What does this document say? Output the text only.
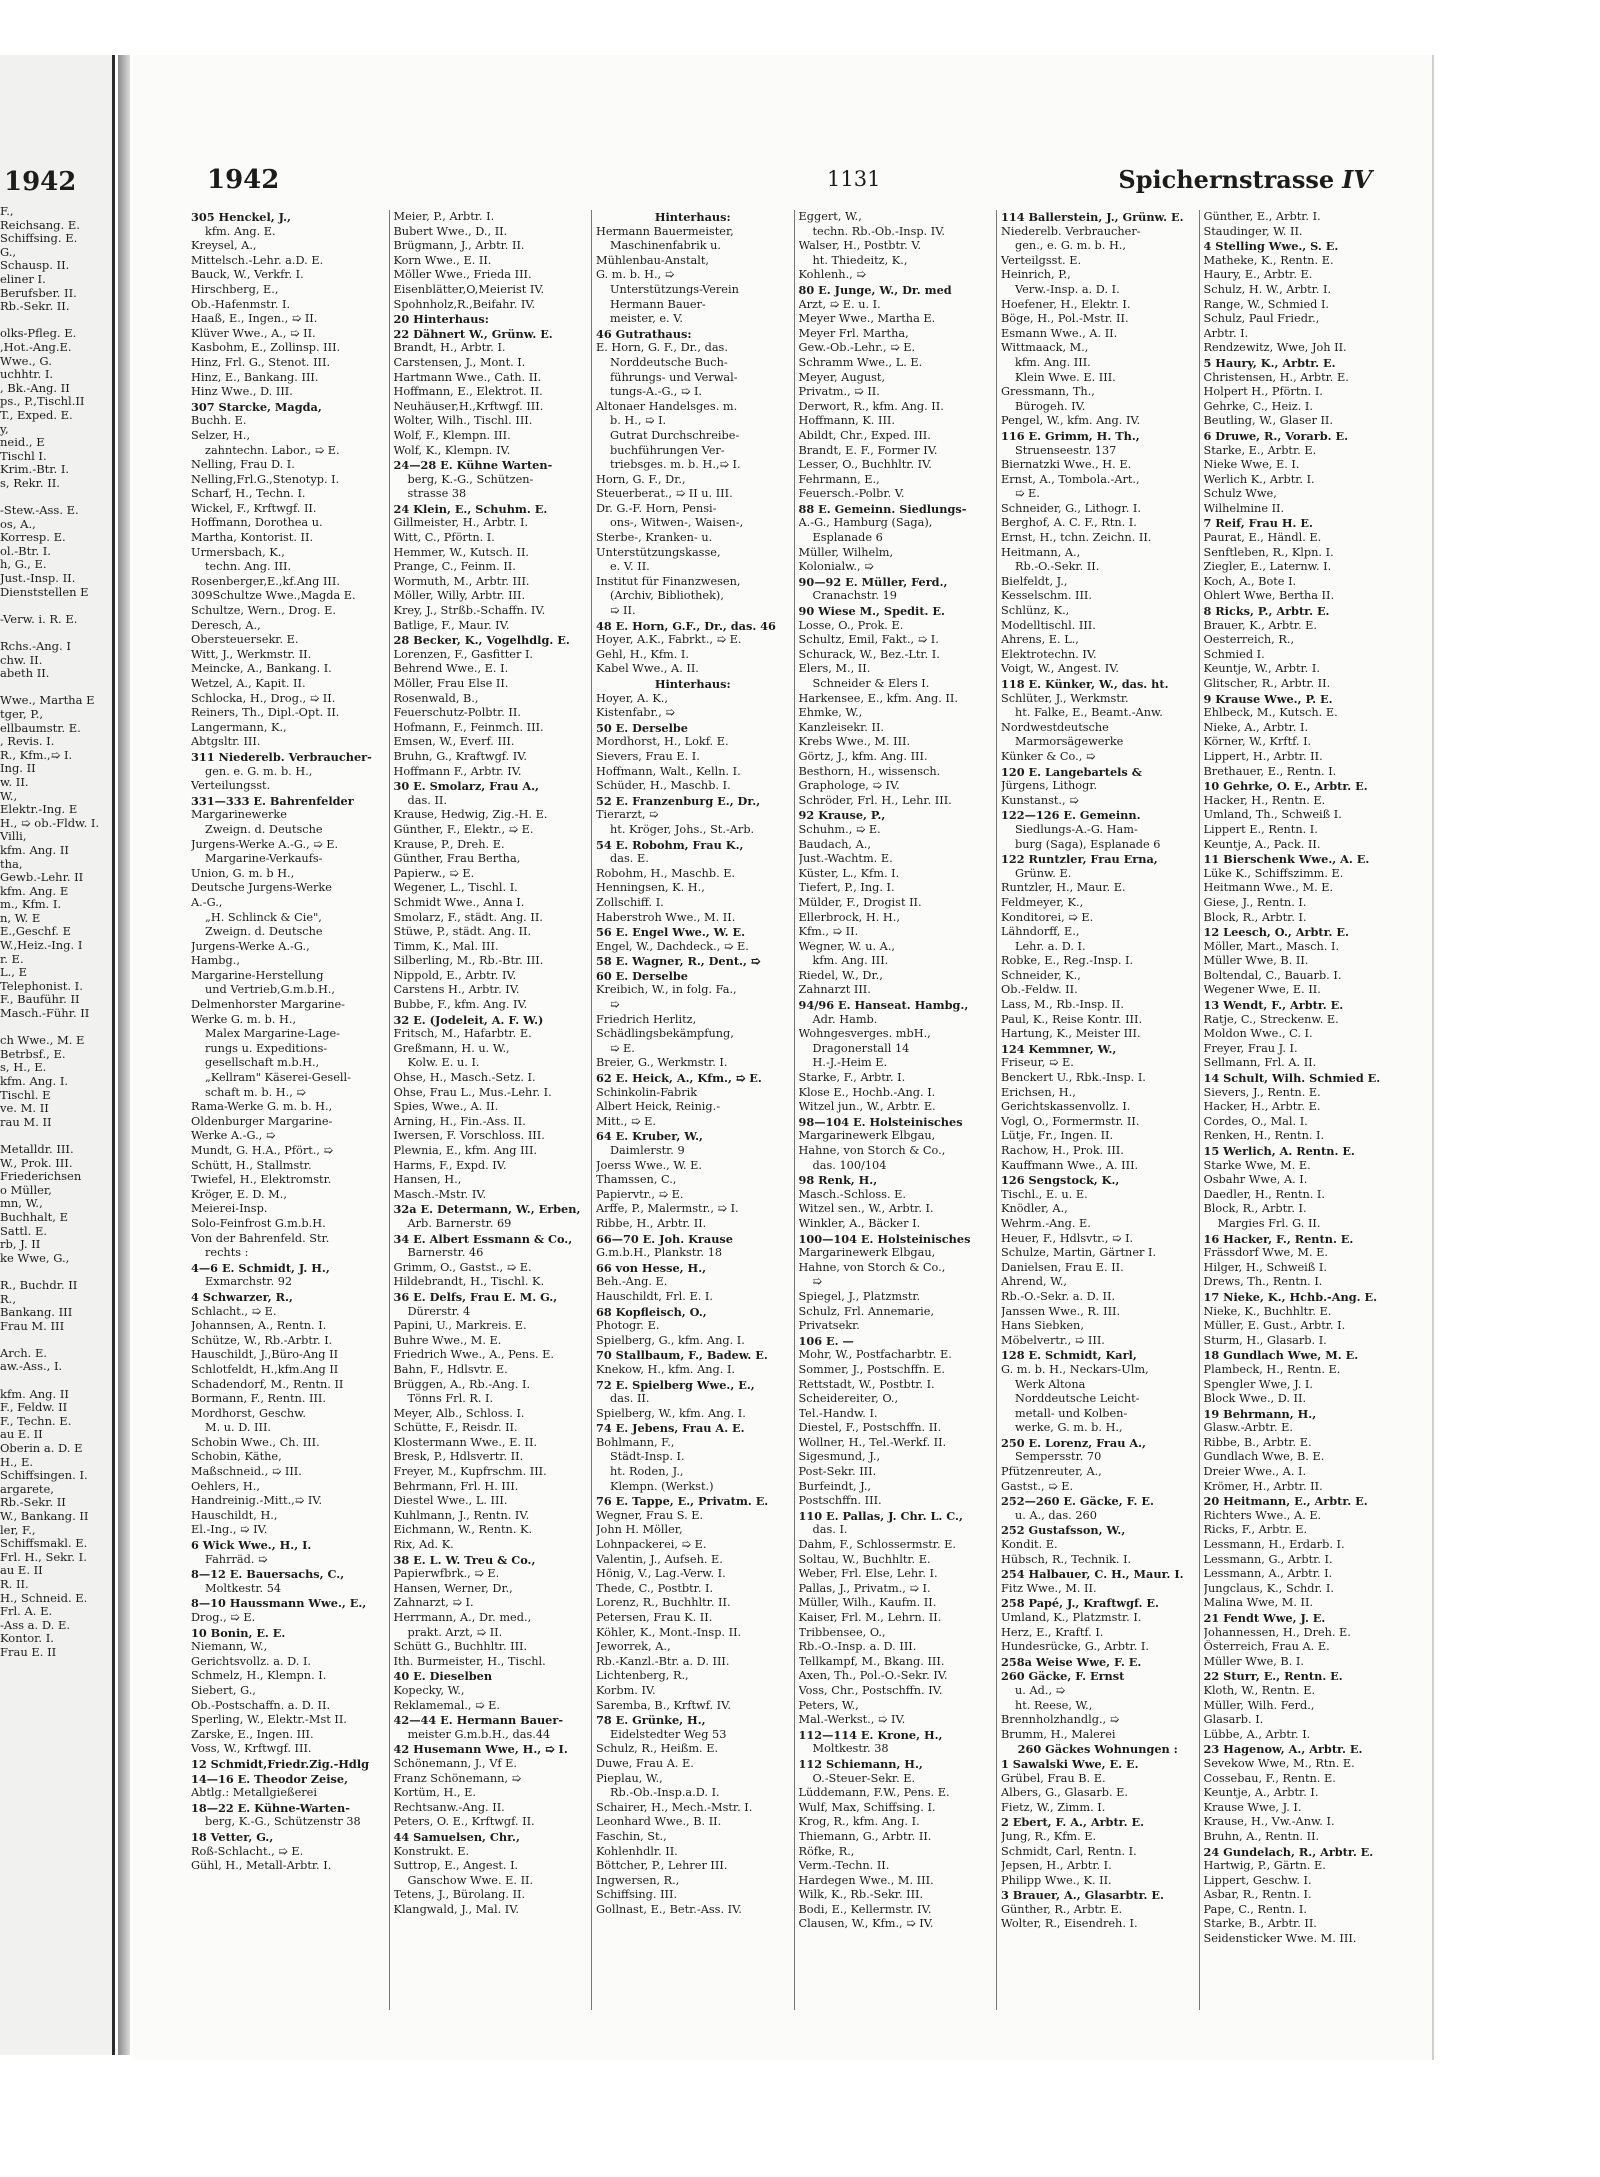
1942
F.,
Reichsang. E.
Schiffsing. E.
G.,
Schausp. II.
eliner I.
Berufsber. II.
Rb.-Sekr. II.

olks-Pfleg. E.
,Hot.-Ang.E.
Wwe., G.
uchhtr. I.
, Bk.-Ang. II
ps., P.,Tischl.II
T., Exped. E.
y,
neid., E
Tischl I.
Krim.-Btr. I.
s, Rekr. II.

-Stew.-Ass. E.
os, A.,
Korresp. E.
ol.-Btr. I.
h, G., E.
Just.-Insp. II.
Dienststellen E

-Verw. i. R. E.

Rchs.-Ang. I
chw. II.
abeth II.

Wwe., Martha E
tger, P.,
ellbaumstr. E.
, Revis. I.
R., Kfm.,➯ I.
Ing. II
w. II.
W.,
Elektr.-Ing. E
H., ➯ ob.-Fldw. I.
Villi,
kfm. Ang. II
tha,
Gewb.-Lehr. II
kfm. Ang. E
m., Kfm. I.
n, W. E
E.,Geschf. E
W.,Heiz.-Ing. I
r. E.
L., E
Telephonist. I.
F., Bauführ. II
Masch.-Führ. II

ch Wwe., M. E
Betrbsf., E.
s, H., E.
kfm. Ang. I.
Tischl. E
ve. M. II
rau M. II

Metalldr. III.
W., Prok. III.
Friederichsen
o Müller,
mn, W.,
Buchhalt, E
Sattl. E.
rb, J. II
ke Wwe, G.,

R., Buchdr. II
R.,
Bankang. III
Frau M. III

Arch. E.
aw.-Ass., I.

kfm. Ang. II
F., Feldw. II
F., Techn. E.
au E. II
Oberin a. D. E
H., E.
Schiffsingen. I.
argarete,
Rb.-Sekr. II
W., Bankang. II
ler, F.,
Schiffsmakl. E.
Frl. H., Sekr. I.
au E. II
R. II.
H., Schneid. E.
Frl. A. E.
-Ass a. D. E.
Kontor. I.
Frau E. II
1942	1131	Spichernstrasse IV
305 Henckel, J.,
kfm. Ang. E.
Kreysel, A.,
Mittelsch.-Lehr. a.D. E.
Bauck, W., Verkfr. I.
Hirschberg, E.,
Ob.-Hafenmstr. I.
Haaß, E., Ingen., ➯ II.
Klüver Wwe., A., ➯ II.
Kasbohm, E., Zollinsp. III.
Hinz, Frl. G., Stenot. III.
Hinz, E., Bankang. III.
Hinz Wwe., D. III.
307 Starcke, Magda,
Buchh. E.
Selzer, H.,
zahntechn. Labor., ➯ E.
Nelling, Frau D. I.
Nelling,Frl.G.,Stenotyp. I.
Scharf, H., Techn. I.
Wickel, F., Krftwgf. II.
Hoffmann, Dorothea u.
Martha, Kontorist. II.
Urmersbach, K.,
techn. Ang. III.
Rosenberger,E.,kf.Ang III.
309Schultze Wwe.,Magda E.
Schultze, Wern., Drog. E.
Deresch, A.,
Obersteuersekr. E.
Witt, J., Werkmstr. II.
Meincke, A., Bankang. I.
Wetzel, A., Kapit. II.
Schlocka, H., Drog., ➯ II.
Reiners, Th., Dipl.-Opt. II.
Langermann, K.,
Abtgsltr. III.
311 Niederelb. Verbraucher-
gen. e. G. m. b. H.,
Verteilungsst.
331—333 E. Bahrenfelder
Margarinewerke
Zweign. d. Deutsche
Jurgens-Werke A.-G., ➯ E.
Margarine-Verkaufs-
Union, G. m. b H.,
Deutsche Jurgens-Werke
A.-G.,
„H. Schlinck & Cie",
Zweign. d. Deutsche
Jurgens-Werke A.-G.,
Hambg.,
Margarine-Herstellung
und Vertrieb,G.m.b.H.,
Delmenhorster Margarine-
Werke G. m. b. H.,
Malex Margarine-Lage-
rungs u. Expeditions-
gesellschaft m.b.H.,
„Kellram" Käserei-Gesell-
schaft m. b. H., ➯
Rama-Werke G. m. b. H.,
Oldenburger Margarine-
Werke A.-G., ➯
Mundt, G. H.A., Pfört., ➯
Schütt, H., Stallmstr.
Twiefel, H., Elektromstr.
Kröger, E. D. M.,
Meierei-Insp.
Solo-Feinfrost G.m.b.H.
Von der Bahrenfeld. Str.
rechts :
4—6 E. Schmidt, J. H.,
Exmarchstr. 92
4 Schwarzer, R.,
Schlacht., ➯ E.
Johannsen, A., Rentn. I.
Schütze, W., Rb.-Arbtr. I.
Hauschildt, J.,Büro-Ang II
Schlotfeldt, H.,kfm.Ang II
Schadendorf, M., Rentn. II
Bormann, F., Rentn. III.
Mordhorst, Geschw.
M. u. D. III.
Schobin Wwe., Ch. III.
Schobin, Käthe,
Maßschneid., ➯ III.
Oehlers, H.,
Handreinig.-Mitt.,➯ IV.
Hauschildt, H.,
El.-Ing., ➯ IV.
6 Wick Wwe., H., I.
Fahrräd. ➯
8—12 E. Bauersachs, C.,
Moltkestr. 54
8—10 Haussmann Wwe., E.,
Drog., ➯ E.
10 Bonin, E. E.
Niemann, W.,
Gerichtsvollz. a. D. I.
Schmelz, H., Klempn. I.
Siebert, G.,
Ob.-Postschaffn. a. D. II.
Sperling, W., Elektr.-Mst II.
Zarske, E., Ingen. III.
Voss, W., Krftwgf. III.
12 Schmidt,Friedr.Zig.-Hdlg
14—16 E. Theodor Zeise,
Abtlg.: Metallgießerei
18—22 E. Kühne-Warten-
berg, K.-G., Schützenstr 38
18 Vetter, G.,
Roß-Schlacht., ➯ E.
Gühl, H., Metall-Arbtr. I.
Meier, P., Arbtr. I.
Bubert Wwe., D., II.
Brügmann, J., Arbtr. II.
Korn Wwe., E. II.
Möller Wwe., Frieda III.
Eisenblätter,O,Meierist IV.
Spohnholz,R.,Beifahr. IV.
20 Hinterhaus:
22 Dähnert W., Grünw. E.
Brandt, H., Arbtr. I.
Carstensen, J., Mont. I.
Hartmann Wwe., Cath. II.
Hoffmann, E., Elektrot. II.
Neuhäuser,H.,Krftwgf. III.
Wolter, Wilh., Tischl. III.
Wolf, F., Klempn. III.
Wolf, K., Klempn. IV.
24—28 E. Kühne Warten-
berg, K.-G., Schützen-
strasse 38
24 Klein, E., Schuhm. E.
Gillmeister, H., Arbtr. I.
Witt, C., Pförtn. I.
Hemmer, W., Kutsch. II.
Prange, C., Feinm. II.
Wormuth, M., Arbtr. III.
Möller, Willy, Arbtr. III.
Krey, J., Strßb.-Schaffn. IV.
Batlige, F., Maur. IV.
28 Becker, K., Vogelhdlg. E.
Lorenzen, F., Gasfitter I.
Behrend Wwe., E. I.
Möller, Frau Else II.
Rosenwald, B.,
Feuerschutz-Polbtr. II.
Hofmann, F., Feinmch. III.
Emsen, W., Everf. III.
Bruhn, G., Kraftwgf. IV.
Hoffmann F., Arbtr. IV.
30 E. Smolarz, Frau A.,
das. II.
Krause, Hedwig, Zig.-H. E.
Günther, F., Elektr., ➯ E.
Krause, P., Dreh. E.
Günther, Frau Bertha,
Papierw., ➯ E.
Wegener, L., Tischl. I.
Schmidt Wwe., Anna I.
Smolarz, F., städt. Ang. II.
Stüwe, P., städt. Ang. II.
Timm, K., Mal. III.
Silberling, M., Rb.-Btr. III.
Nippold, E., Arbtr. IV.
Carstens H., Arbtr. IV.
Bubbe, F., kfm. Ang. IV.
32 E. (Jodeleit, A. F. W.)
Fritsch, M., Hafarbtr. E.
Greßmann, H. u. W.,
Kolw. E. u. I.
Ohse, H., Masch.-Setz. I.
Ohse, Frau L., Mus.-Lehr. I.
Spies, Wwe., A. II.
Arning, H., Fin.-Ass. II.
Iwersen, F. Vorschloss. III.
Plewnia, E., kfm. Ang III.
Harms, F., Expd. IV.
Hansen, H.,
Masch.-Mstr. IV.
32a E. Determann, W., Erben,
Arb. Barnerstr. 69
34 E. Albert Essmann & Co.,
Barnerstr. 46
Grimm, O., Gastst., ➯ E.
Hildebrandt, H., Tischl. K.
36 E. Delfs, Frau E. M. G.,
Dürerstr. 4
Papini, U., Markreis. E.
Buhre Wwe., M. E.
Friedrich Wwe., A., Pens. E.
Bahn, F., Hdlsvtr. E.
Brüggen, A., Rb.-Ang. I.
Tönns Frl. R. I.
Meyer, Alb., Schloss. I.
Schütte, F., Reisdr. II.
Klostermann Wwe., E. II.
Bresk, P., Hdlsvertr. II.
Freyer, M., Kupfrschm. III.
Behrmann, Frl. H. III.
Diestel Wwe., L. III.
Kuhlmann, J., Rentn. IV.
Eichmann, W., Rentn. K.
Rix, Ad. K.
38 E. L. W. Treu & Co.,
Papierwfbrk., ➯ E.
Hansen, Werner, Dr.,
Zahnarzt, ➯ I.
Herrmann, A., Dr. med.,
prakt. Arzt, ➯ II.
Schütt G., Buchhltr. III.
Ith. Burmeister, H., Tischl.
40 E. Dieselben
Kopecky, W.,
Reklamemal., ➯ E.
42—44 E. Hermann Bauer-
meister G.m.b.H., das.44
42 Husemann Wwe, H., ➯ I.
Schönemann, J., Vf E.
Franz Schönemann, ➯
Kortüm, H., E.
Rechtsanw.-Ang. II.
Peters, O. E., Krftwgf. II.
44 Samuelsen, Chr.,
Konstrukt. E.
Suttrop, E., Angest. I.
Ganschow Wwe. E. II.
Tetens, J., Bürolang. II.
Klangwald, J., Mal. IV.
Hinterhaus:
Hermann Bauermeister,
Maschinenfabrik u.
Mühlenbau-Anstalt,
G. m. b. H., ➯
Unterstützungs-Verein
Hermann Bauer-
meister, e. V.
46 Gutrathaus:
E. Horn, G. F., Dr., das.
Norddeutsche Buch-
führungs- und Verwal-
tungs-A.-G., ➯ I.
Altonaer Handelsges. m.
b. H., ➯ I.
Gutrat Durchschreibe-
buchführungen Ver-
triebsges. m. b. H.,➯ I.
Horn, G. F., Dr.,
Steuerberat., ➯ II u. III.
Dr. G.-F. Horn, Pensi-
ons-, Witwen-, Waisen-,
Sterbe-, Kranken- u.
Unterstützungskasse,
e. V. II.
Institut für Finanzwesen,
(Archiv, Bibliothek),
➯ II.
48 E. Horn, G.F., Dr., das. 46
Hoyer, A.K., Fabrkt., ➯ E.
Gehl, H., Kfm. I.
Kabel Wwe., A. II.
Hinterhaus:
Hoyer, A. K.,
Kistenfabr., ➯
50 E. Derselbe
Mordhorst, H., Lokf. E.
Sievers, Frau E. I.
Hoffmann, Walt., Kelln. I.
Schüder, H., Maschb. I.
52 E. Franzenburg E., Dr.,
Tierarzt, ➯
ht. Kröger, Johs., St.-Arb.
54 E. Robohm, Frau K.,
das. E.
Robohm, H., Maschb. E.
Henningsen, K. H.,
Zollschiff. I.
Haberstroh Wwe., M. II.
56 E. Engel Wwe., W. E.
Engel, W., Dachdeck., ➯ E.
58 E. Wagner, R., Dent., ➯
60 E. Derselbe
Kreibich, W., in folg. Fa.,
➯
Friedrich Herlitz,
Schädlingsbekämpfung,
➯ E.
Breier, G., Werkmstr. I.
62 E. Heick, A., Kfm., ➯ E.
Schinkolin-Fabrik
Albert Heick, Reinig.-
Mitt., ➯ E.
64 E. Kruber, W.,
Daimlerstr. 9
Joerss Wwe., W. E.
Thamssen, C.,
Papiervtr., ➯ E.
Arffe, P., Malermstr., ➯ I.
Ribbe, H., Arbtr. II.
66—70 E. Joh. Krause
G.m.b.H., Plankstr. 18
66 von Hesse, H.,
Beh.-Ang. E.
Hauschildt, Frl. E. I.
68 Kopfleisch, O.,
Photogr. E.
Spielberg, G., kfm. Ang. I.
70 Stallbaum, F., Badew. E.
Knekow, H., kfm. Ang. I.
72 E. Spielberg Wwe., E.,
das. II.
Spielberg, W., kfm. Ang. I.
74 E. Jebens, Frau A. E.
Bohlmann, F.,
Städt-Insp. I.
ht. Roden, J.,
Klempn. (Werkst.)
76 E. Tappe, E., Privatm. E.
Wegner, Frau S. E.
John H. Möller,
Lohnpackerei, ➯ E.
Valentin, J., Aufseh. E.
Hönig, V., Lag.-Verw. I.
Thede, C., Postbtr. I.
Lorenz, R., Buchhltr. II.
Petersen, Frau K. II.
Köhler, K., Mont.-Insp. II.
Jeworrek, A.,
Rb.-Kanzl.-Btr. a. D. III.
Lichtenberg, R.,
Korbm. IV.
Saremba, B., Krftwf. IV.
78 E. Grünke, H.,
Eidelstedter Weg 53
Schulz, R., Heißm. E.
Duwe, Frau A. E.
Pieplau, W.,
Rb.-Ob.-Insp.a.D. I.
Schairer, H., Mech.-Mstr. I.
Leonhard Wwe., B. II.
Faschin, St.,
Kohlenhdlr. II.
Böttcher, P., Lehrer III.
Ingwersen, R.,
Schiffsing. III.
Gollnast, E., Betr.-Ass. IV.
Eggert, W.,
techn. Rb.-Ob.-Insp. IV.
Walser, H., Postbtr. V.
ht. Thiedeitz, K.,
Kohlenh., ➯
80 E. Junge, W., Dr. med
Arzt, ➯ E. u. I.
Meyer Wwe., Martha E.
Meyer Frl. Martha,
Gew.-Ob.-Lehr., ➯ E.
Schramm Wwe., L. E.
Meyer, August,
Privatm., ➯ II.
Derwort, R., kfm. Ang. II.
Hoffmann, K. III.
Abildt, Chr., Exped. III.
Brandt, E. F., Former IV.
Lesser, O., Buchhltr. IV.
Fehrmann, E.,
Feuersch.-Polbr. V.
88 E. Gemeinn. Siedlungs-
A.-G., Hamburg (Saga),
Esplanade 6
Müller, Wilhelm,
Kolonialw., ➯
90—92 E. Müller, Ferd.,
Cranachstr. 19
90 Wiese M., Spedit. E.
Losse, O., Prok. E.
Schultz, Emil, Fakt., ➯ I.
Schurack, W., Bez.-Ltr. I.
Elers, M., II.
Schneider & Elers I.
Harkensee, E., kfm. Ang. II.
Ehmke, W.,
Kanzleisekr. II.
Krebs Wwe., M. III.
Görtz, J., kfm. Ang. III.
Besthorn, H., wissensch.
Graphologe, ➯ IV.
Schröder, Frl. H., Lehr. III.
92 Krause, P.,
Schuhm., ➯ E.
Baudach, A.,
Just.-Wachtm. E.
Küster, L., Kfm. I.
Tiefert, P., Ing. I.
Mülder, F., Drogist II.
Ellerbrock, H. H.,
Kfm., ➯ II.
Wegner, W. u. A.,
kfm. Ang. III.
Riedel, W., Dr.,
Zahnarzt III.
94/96 E. Hanseat. Hambg.,
Adr. Hamb.
Wohngesverges. mbH.,
Dragonerstall 14
H.-J.-Heim E.
Starke, F., Arbtr. I.
Klose E., Hochb.-Ang. I.
Witzel jun., W., Arbtr. E.
98—104 E. Holsteinisches
Margarinewerk Elbgau,
Hahne, von Storch & Co.,
das. 100/104
98 Renk, H.,
Masch.-Schloss. E.
Witzel sen., W., Arbtr. I.
Winkler, A., Bäcker I.
100—104 E. Holsteinisches
Margarinewerk Elbgau,
Hahne, von Storch & Co.,
➯
Spiegel, J., Platzmstr.
Schulz, Frl. Annemarie,
Privatsekr.
106 E. —
Mohr, W., Postfacharbtr. E.
Sommer, J., Postschffn. E.
Rettstadt, W., Postbtr. I.
Scheidereiter, O.,
Tel.-Handw. I.
Diestel, F., Postschffn. II.
Wollner, H., Tel.-Werkf. II.
Sigesmund, J.,
Post-Sekr. III.
Burfeindt, J.,
Postschffn. III.
110 E. Pallas, J. Chr. L. C.,
das. I.
Dahm, F., Schlossermstr. E.
Soltau, W., Buchhltr. E.
Weber, Frl. Else, Lehr. I.
Pallas, J., Privatm., ➯ I.
Müller, Wilh., Kaufm. II.
Kaiser, Frl. M., Lehrn. II.
Tribbensee, O.,
Rb.-O.-Insp. a. D. III.
Tellkampf, M., Bkang. III.
Axen, Th., Pol.-O.-Sekr. IV.
Voss, Chr., Postschffn. IV.
Peters, W.,
Mal.-Werkst., ➯ IV.
112—114 E. Krone, H.,
Moltkestr. 38
112 Schiemann, H.,
O.-Steuer-Sekr. E.
Lüddemann, F.W., Pens. E.
Wulf, Max, Schiffsing. I.
Krog, R., kfm. Ang. I.
Thiemann, G., Arbtr. II.
Röfke, R.,
Verm.-Techn. II.
Hardegen Wwe., M. III.
Wilk, K., Rb.-Sekr. III.
Bodi, E., Kellermstr. IV.
Clausen, W., Kfm., ➯ IV.
114 Ballerstein, J., Grünw. E.
Niederelb. Verbraucher-
gen., e. G. m. b. H.,
Verteilgsst. E.
Heinrich, P.,
Verw.-Insp. a. D. I.
Hoefener, H., Elektr. I.
Böge, H., Pol.-Mstr. II.
Esmann Wwe., A. II.
Wittmaack, M.,
kfm. Ang. III.
Klein Wwe. E. III.
Gressmann, Th.,
Bürogeh. IV.
Pengel, W., kfm. Ang. IV.
116 E. Grimm, H. Th.,
Struenseestr. 137
Biernatzki Wwe., H. E.
Ernst, A., Tombola.-Art.,
➯ E.
Schneider, G., Lithogr. I.
Berghof, A. C. F., Rtn. I.
Ernst, H., tchn. Zeichn. II.
Heitmann, A.,
Rb.-O.-Sekr. II.
Bielfeldt, J.,
Kesselschm. III.
Schlünz, K.,
Modelltischl. III.
Ahrens, E. L.,
Elektrotechn. IV.
Voigt, W., Angest. IV.
118 E. Künker, W., das. ht.
Schlüter, J., Werkmstr.
ht. Falke, E., Beamt.-Anw.
Nordwestdeutsche
Marmorsägewerke
Künker & Co., ➯
120 E. Langebartels &
Jürgens, Lithogr.
Kunstanst., ➯
122—126 E. Gemeinn.
Siedlungs-A.-G. Ham-
burg (Saga), Esplanade 6
122 Runtzler, Frau Erna,
Grünw. E.
Runtzler, H., Maur. E.
Feldmeyer, K.,
Konditorei, ➯ E.
Lähndorff, E.,
Lehr. a. D. I.
Robke, E., Reg.-Insp. I.
Schneider, K.,
Ob.-Feldw. II.
Lass, M., Rb.-Insp. II.
Paul, K., Reise Kontr. III.
Hartung, K., Meister III.
124 Kemmner, W.,
Friseur, ➯ E.
Benckert U., Rbk.-Insp. I.
Erichsen, H.,
Gerichtskassenvollz. I.
Vogl, O., Formermstr. II.
Lütje, Fr., Ingen. II.
Rachow, H., Prok. III.
Kauffmann Wwe., A. III.
126 Sengstock, K.,
Tischl., E. u. E.
Knödler, A.,
Wehrm.-Ang. E.
Heuer, F., Hdlsvtr., ➯ I.
Schulze, Martin, Gärtner I.
Danielsen, Frau E. II.
Ahrend, W.,
Rb.-O.-Sekr. a. D. II.
Janssen Wwe., R. III.
Hans Siebken,
Möbelvertr., ➯ III.
128 E. Schmidt, Karl,
G. m. b. H., Neckars-Ulm,
Werk Altona
Norddeutsche Leicht-
metall- und Kolben-
werke, G. m. b. H.,
250 E. Lorenz, Frau A.,
Sempersstr. 70
Pfützenreuter, A.,
Gastst., ➯ E.
252—260 E. Gäcke, F. E.
u. A., das. 260
252 Gustafsson, W.,
Kondit. E.
Hübsch, R., Technik. I.
254 Halbauer, C. H., Maur. I.
Fitz Wwe., M. II.
258 Papé, J., Kraftwgf. E.
Umland, K., Platzmstr. I.
Herz, E., Kraftf. I.
Hundesrücke, G., Arbtr. I.
258a Weise Wwe, F. E.
260 Gäcke, F. Ernst
u. Ad., ➯
ht. Reese, W.,
Brennholzhandlg., ➯
Brumm, H., Malerei
260 Gäckes Wohnungen :
1 Sawalski Wwe, E. E.
Grübel, Frau B. E.
Albers, G., Glasarb. E.
Fietz, W., Zimm. I.
2 Ebert, F. A., Arbtr. E.
Jung, R., Kfm. E.
Schmidt, Carl, Rentn. I.
Jepsen, H., Arbtr. I.
Philipp Wwe., K. II.
3 Brauer, A., Glasarbtr. E.
Günther, R., Arbtr. E.
Wolter, R., Eisendreh. I.
Günther, E., Arbtr. I.
Staudinger, W. II.
4 Stelling Wwe., S. E.
Matheke, K., Rentn. E.
Haury, E., Arbtr. E.
Schulz, H. W., Arbtr. I.
Range, W., Schmied I.
Schulz, Paul Friedr.,
Arbtr. I.
Rendzewitz, Wwe, Joh II.
5 Haury, K., Arbtr. E.
Christensen, H., Arbtr. E.
Holpert H., Pförtn. I.
Gehrke, C., Heiz. I.
Beutling, W., Glaser II.
6 Druwe, R., Vorarb. E.
Starke, E., Arbtr. E.
Nieke Wwe, E. I.
Werlich K., Arbtr. I.
Schulz Wwe,
Wilhelmine II.
7 Reif, Frau H. E.
Paurat, E., Händl. E.
Senftleben, R., Klpn. I.
Ziegler, E., Laternw. I.
Koch, A., Bote I.
Ohlert Wwe, Bertha II.
8 Ricks, P., Arbtr. E.
Brauer, K., Arbtr. E.
Oesterreich, R.,
Schmied I.
Keuntje, W., Arbtr. I.
Glitscher, R., Arbtr. II.
9 Krause Wwe., P. E.
Ehlbeck, M., Kutsch. E.
Nieke, A., Arbtr. I.
Körner, W., Krftf. I.
Lippert, H., Arbtr. II.
Brethauer, E., Rentn. I.
10 Gehrke, O. E., Arbtr. E.
Hacker, H., Rentn. E.
Umland, Th., Schweiß I.
Lippert E., Rentn. I.
Keuntje, A., Pack. II.
11 Bierschenk Wwe., A. E.
Lüke K., Schiffszimm. E.
Heitmann Wwe., M. E.
Giese, J., Rentn. I.
Block, R., Arbtr. I.
12 Leesch, O., Arbtr. E.
Möller, Mart., Masch. I.
Müller Wwe, B. II.
Boltendal, C., Bauarb. I.
Wegener Wwe, E. II.
13 Wendt, F., Arbtr. E.
Ratje, C., Streckenw. E.
Moldon Wwe., C. I.
Freyer, Frau J. I.
Sellmann, Frl. A. II.
14 Schult, Wilh. Schmied E.
Sievers, J., Rentn. E.
Hacker, H., Arbtr. E.
Cordes, O., Mal. I.
Renken, H., Rentn. I.
15 Werlich, A. Rentn. E.
Starke Wwe, M. E.
Osbahr Wwe, A. I.
Daedler, H., Rentn. I.
Block, R., Arbtr. I.
Margies Frl. G. II.
16 Hacker, F., Rentn. E.
Frässdorf Wwe, M. E.
Hilger, H., Schweiß I.
Drews, Th., Rentn. I.
17 Nieke, K., Hchb.-Ang. E.
Nieke, K., Buchhltr. E.
Müller, E. Gust., Arbtr. I.
Sturm, H., Glasarb. I.
18 Gundlach Wwe, M. E.
Plambeck, H., Rentn. E.
Spengler Wwe, J. I.
Block Wwe., D. II.
19 Behrmann, H.,
Glasw.-Arbtr. E.
Ribbe, B., Arbtr. E.
Gundlach Wwe, B. E.
Dreier Wwe., A. I.
Krömer, H., Arbtr. II.
20 Heitmann, E., Arbtr. E.
Richters Wwe., A. E.
Ricks, F., Arbtr. E.
Lessmann, H., Erdarb. I.
Lessmann, G., Arbtr. I.
Lessmann, A., Arbtr. I.
Jungclaus, K., Schdr. I.
Malina Wwe, M. II.
21 Fendt Wwe, J. E.
Johannessen, H., Dreh. E.
Österreich, Frau A. E.
Müller Wwe, B. I.
22 Sturr, E., Rentn. E.
Kloth, W., Rentn. E.
Müller, Wilh. Ferd.,
Glasarb. I.
Lübbe, A., Arbtr. I.
23 Hagenow, A., Arbtr. E.
Sevekow Wwe, M., Rtn. E.
Cossebau, F., Rentn. E.
Keuntje, A., Arbtr. I.
Krause Wwe, J. I.
Krause, H., Vw.-Anw. I.
Bruhn, A., Rentn. II.
24 Gundelach, R., Arbtr. E.
Hartwig, P., Gärtn. E.
Lippert, Geschw. I.
Asbar, R., Rentn. I.
Pape, C., Rentn. I.
Starke, B., Arbtr. II.
Seidensticker Wwe. M. III.
